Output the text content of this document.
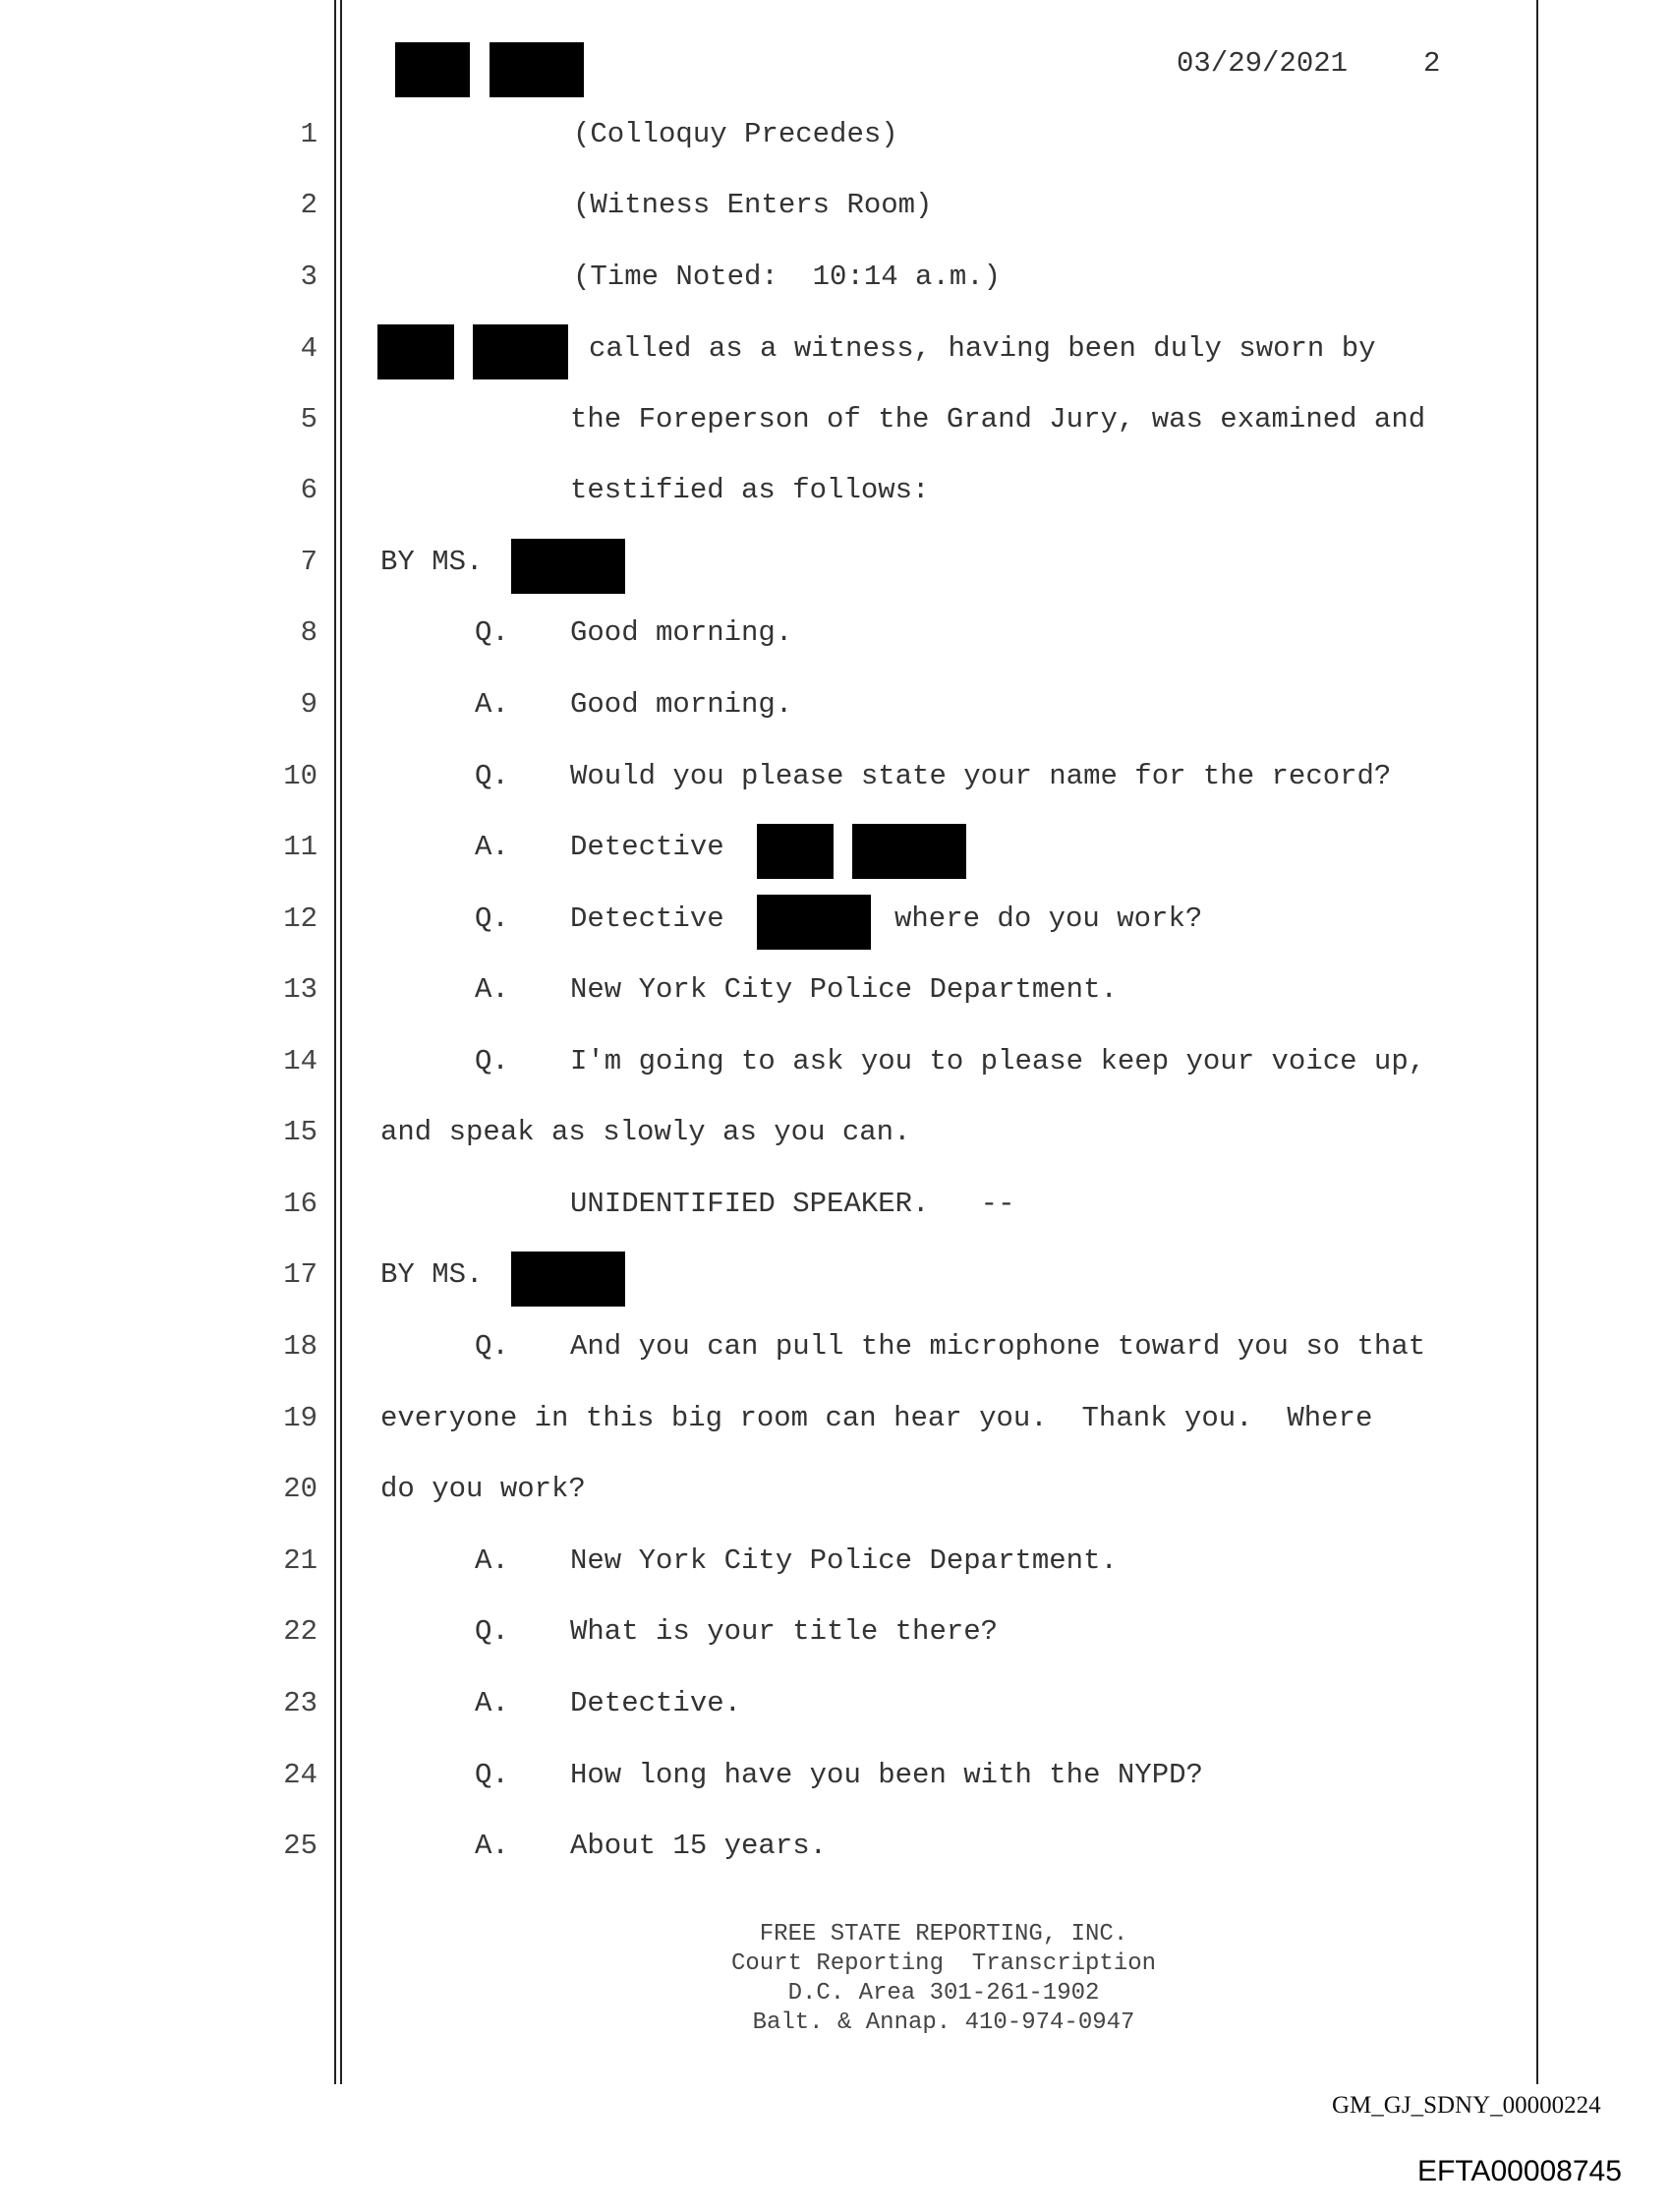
03/29/2021	2
1	(Colloquy Precedes)
2	(Witness Enters Room)
3	(Time Noted:  10:14 a.m.)
4	called as a witness, having been duly sworn by
5	the Foreperson of the Grand Jury, was examined and
6	testified as follows:
7 BY MS.
8	Q. Good morning.
9	A. Good morning.
10	Q. Would you please state your name for the record?
11	A. Detective
12	Q. Detective	where do you work?
13	A. New York City Police Department.
14	Q. I'm going to ask you to please keep your voice up,
15 and speak as slowly as you can.
16	UNIDENTIFIED SPEAKER.   --
17 BY MS.
18	Q. And you can pull the microphone toward you so that
19 everyone in this big room can hear you.  Thank you.  Where
20 do you work?
21	A. New York City Police Department.
22	Q. What is your title there?
23	A. Detective.
24	Q. How long have you been with the NYPD?
25	A. About 15 years.
FREE STATE REPORTING, INC.
Court Reporting  Transcription
D.C. Area 301-261-1902
Balt. & Annap. 410-974-0947
GM_GJ_SDNY_00000224
EFTA00008745
